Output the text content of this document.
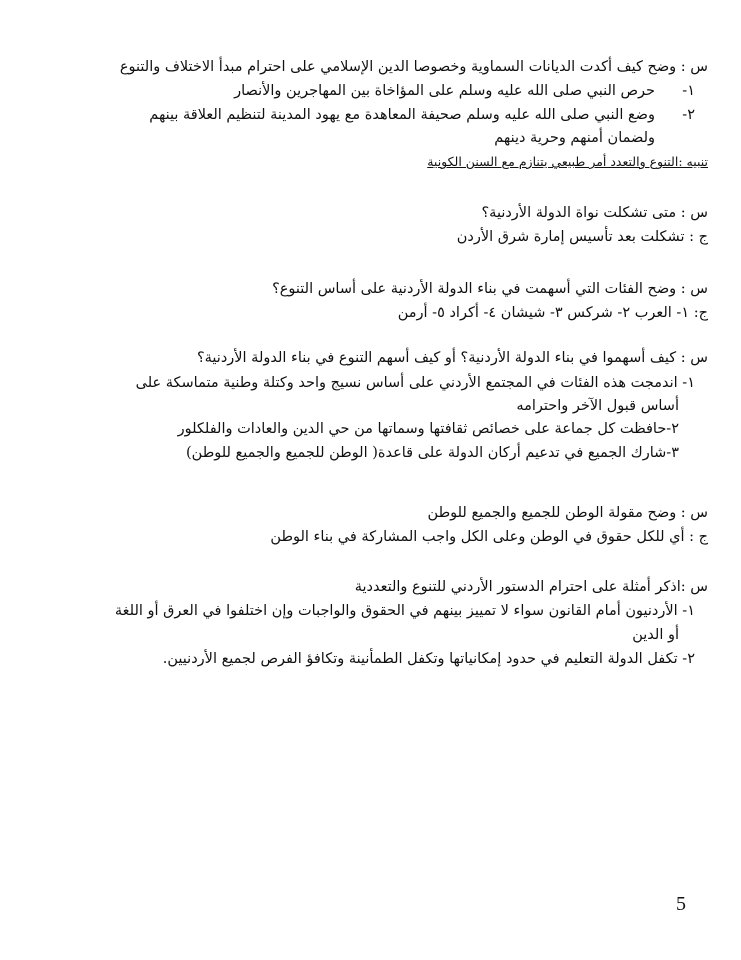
س : وضح كيف أكدت الديانات السماوية وخصوصا الدين الإسلامي على احترام مبدأ الاختلاف والتنوع
١-
حرص النبي صلى الله عليه وسلم على المؤاخاة بين المهاجرين والأنصار
٢-
وضع النبي صلى الله عليه وسلم صحيفة المعاهدة مع يهود المدينة لتنظيم العلاقة بينهم
ولضمان أمنهم وحرية دينهم
تنبيه :التنوع والتعدد أمر طبيعي يتنازم مع السنن الكونية
س : متى تشكلت نواة الدولة الأردنية؟
ج : تشكلت بعد تأسيس إمارة شرق الأردن
س : وضح الفئات التي أسهمت في بناء الدولة الأردنية على أساس التنوع؟
ج: ١- العرب ٢- شركس ٣- شيشان ٤- أكراد ٥- أرمن
س : كيف أسهموا في بناء الدولة الأردنية؟ أو كيف أسهم التنوع في بناء الدولة الأردنية؟
١- اندمجت هذه الفئات في المجتمع الأردني على أساس نسيج واحد وكتلة وطنية متماسكة على
أساس قبول الآخر واحترامه
٢-حافظت كل جماعة على خصائص ثقافتها وسماتها من حي الدين والعادات والفلكلور
٣-شارك الجميع في تدعيم أركان الدولة على قاعدة( الوطن للجميع والجميع للوطن)
س : وضح مقولة الوطن للجميع والجميع للوطن
ج : أي للكل حقوق في الوطن وعلى الكل واجب المشاركة في بناء الوطن
س :اذكر أمثلة على احترام الدستور الأردني للتنوع والتعددية
١- الأردنيون أمام القانون سواء لا تمييز بينهم في الحقوق والواجبات وإن اختلفوا في العرق أو اللغة
أو الدين
٢- تكفل الدولة التعليم في حدود إمكانياتها وتكفل الطمأنينة وتكافؤ الفرص لجميع الأردنيين.
5
